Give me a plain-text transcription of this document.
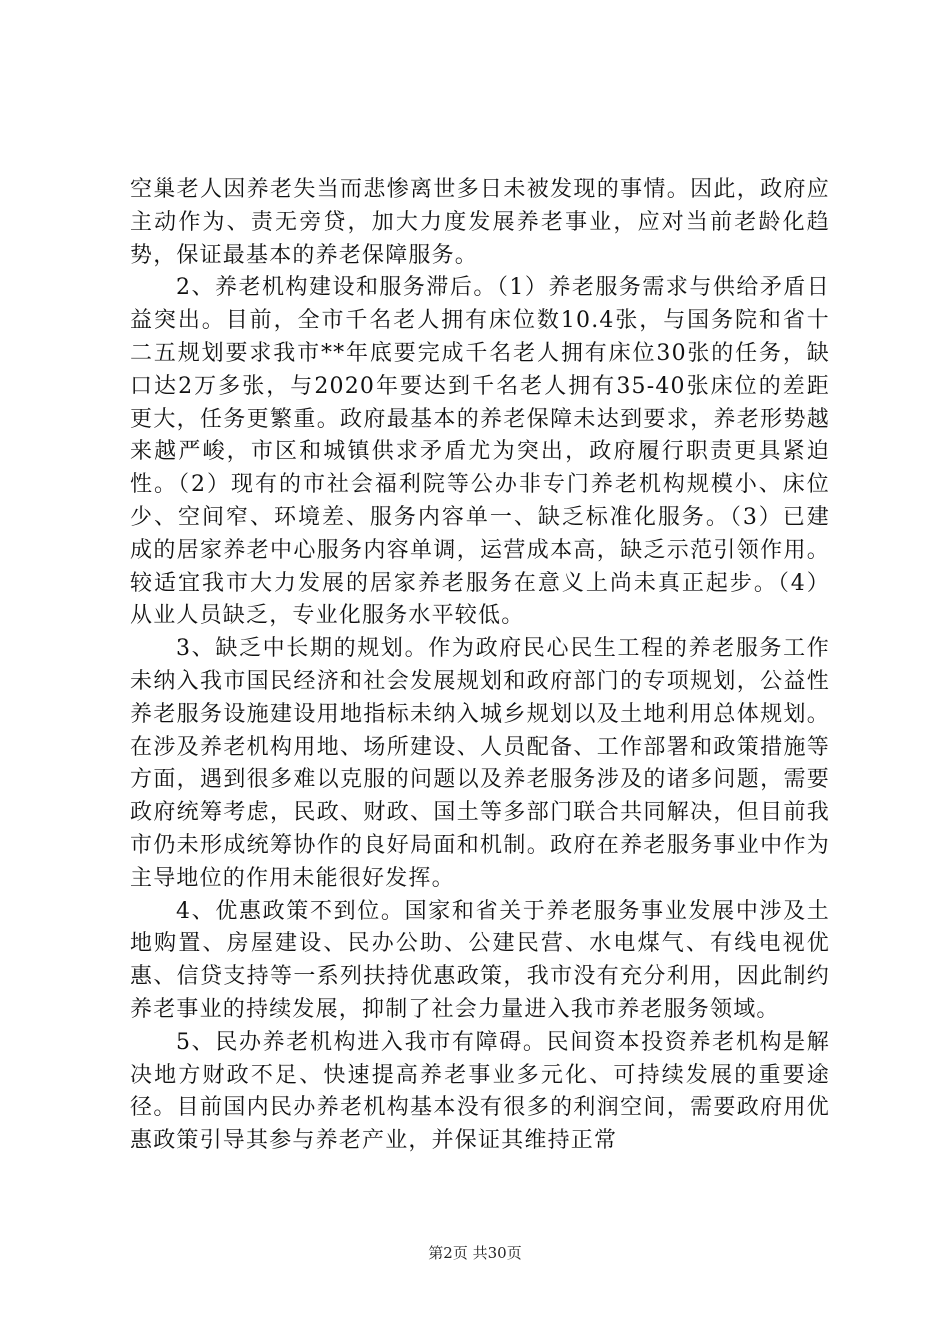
空巢老人因养老失当而悲惨离世多日未被发现的事情。因此，政府应主动作为、责无旁贷，加大力度发展养老事业，应对当前老龄化趋势，保证最基本的养老保障服务。

2、养老机构建设和服务滞后。（1）养老服务需求与供给矛盾日益突出。目前，全市千名老人拥有床位数10.4张，与国务院和省十二五规划要求我市**年底要完成千名老人拥有床位30张的任务，缺口达2万多张，与2020年要达到千名老人拥有35-40张床位的差距更大，任务更繁重。政府最基本的养老保障未达到要求，养老形势越来越严峻，市区和城镇供求矛盾尤为突出，政府履行职责更具紧迫性。（2）现有的市社会福利院等公办非专门养老机构规模小、床位少、空间窄、环境差、服务内容单一、缺乏标准化服务。（3）已建成的居家养老中心服务内容单调，运营成本高，缺乏示范引领作用。较适宜我市大力发展的居家养老服务在意义上尚未真正起步。（4）从业人员缺乏，专业化服务水平较低。

3、缺乏中长期的规划。作为政府民心民生工程的养老服务工作未纳入我市国民经济和社会发展规划和政府部门的专项规划，公益性养老服务设施建设用地指标未纳入城乡规划以及土地利用总体规划。在涉及养老机构用地、场所建设、人员配备、工作部署和政策措施等方面，遇到很多难以克服的问题以及养老服务涉及的诸多问题，需要政府统筹考虑，民政、财政、国土等多部门联合共同解决，但目前我市仍未形成统筹协作的良好局面和机制。政府在养老服务事业中作为主导地位的作用未能很好发挥。

4、优惠政策不到位。国家和省关于养老服务事业发展中涉及土地购置、房屋建设、民办公助、公建民营、水电煤气、有线电视优惠、信贷支持等一系列扶持优惠政策，我市没有充分利用，因此制约养老事业的持续发展，抑制了社会力量进入我市养老服务领域。

5、民办养老机构进入我市有障碍。民间资本投资养老机构是解决地方财政不足、快速提高养老事业多元化、可持续发展的重要途径。目前国内民办养老机构基本没有很多的利润空间，需要政府用优惠政策引导其参与养老产业，并保证其维持正常

第2页 共30页
